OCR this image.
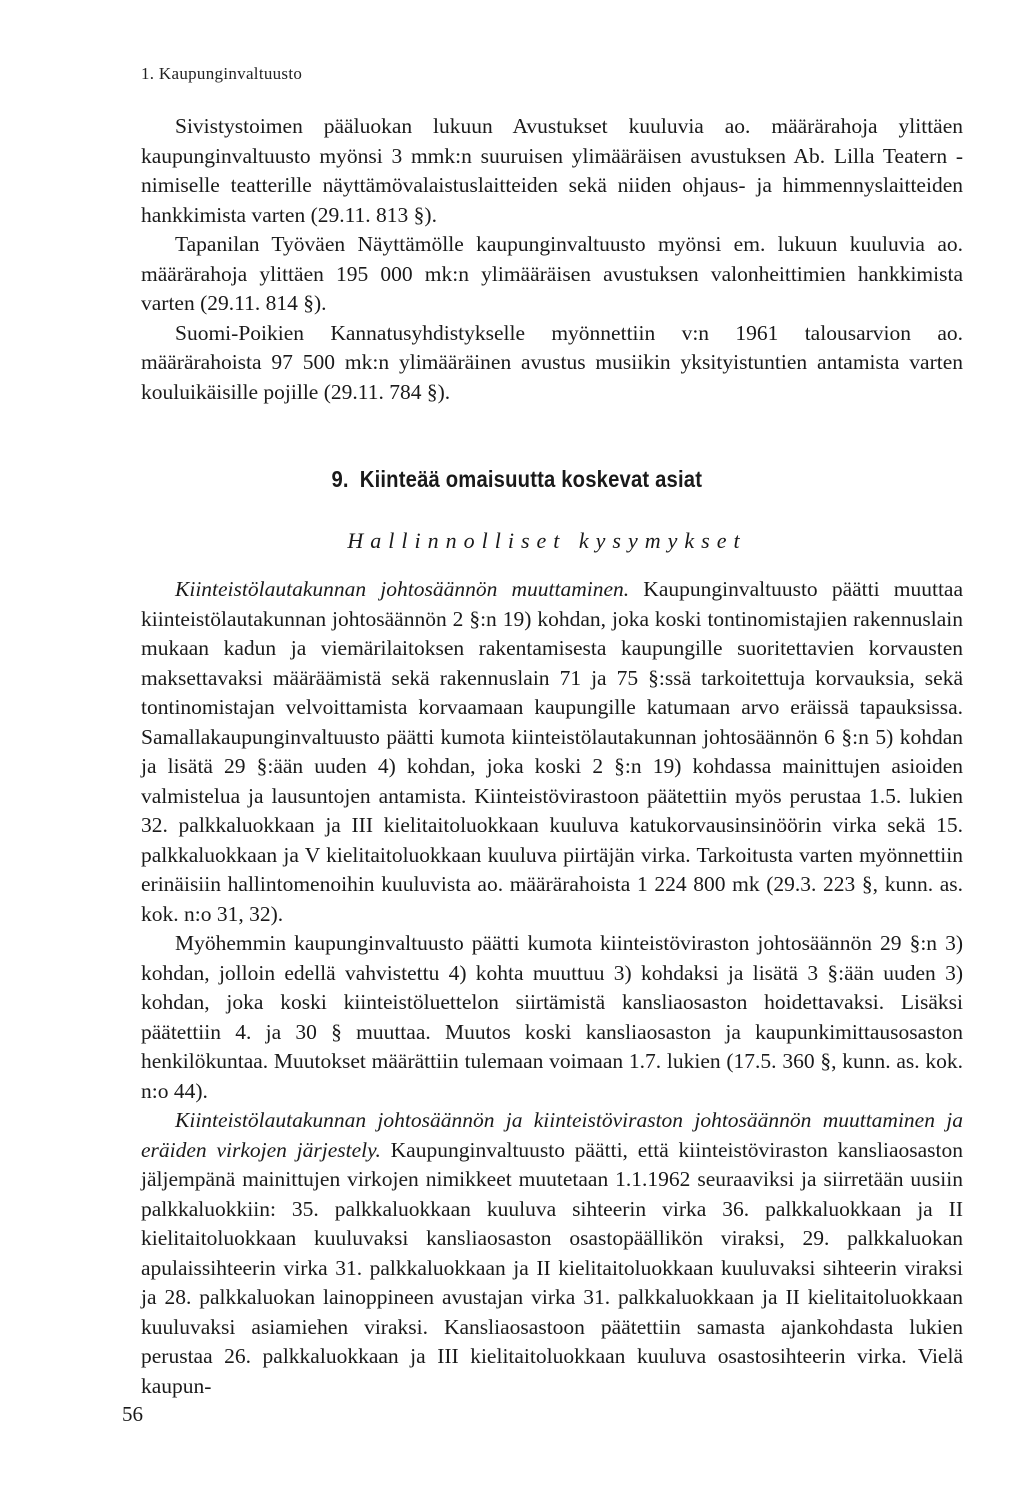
1. Kaupunginvaltuusto

Sivistystoimen pääluokan lukuun Avustukset kuuluvia ao. määrärahoja ylittäen kaupunginvaltuusto myönsi 3 mmk:n suuruisen ylimääräisen avustuksen Ab. Lilla Teatern -nimiselle teatterille näyttämövalaistuslaitteiden sekä niiden ohjaus- ja himmennyslaitteiden hankkimista varten (29.11. 813 §).

Tapanilan Työväen Näyttämölle kaupunginvaltuusto myönsi em. lukuun kuuluvia ao. määrärahoja ylittäen 195 000 mk:n ylimääräisen avustuksen valonheittimien hankkimista varten (29.11. 814 §).

Suomi-Poikien Kannatusyhdistykselle myönnettiin v:n 1961 talousarvion ao. määrärahoista 97 500 mk:n ylimääräinen avustus musiikin yksityistuntien antamista varten kouluikäisille pojille (29.11. 784 §).

9. Kiinteää omaisuutta koskevat asiat
Hallinnolliset kysymykset

Kiinteistölautakunnan johtosäännön muuttaminen. Kaupunginvaltuusto päätti muuttaa kiinteistölautakunnan johtosäännön 2 §:n 19) kohdan, joka koski tontinomistajien rakennuslain mukaan kadun ja viemärilaitoksen rakentamisesta kaupungille suoritettavien korvausten maksettavaksi määräämistä sekä rakennuslain 71 ja 75 §:ssä tarkoitettuja korvauksia, sekä tontinomistajan velvoittamista korvaamaan kaupungille katumaan arvo eräissä tapauksissa. Samallakaupunginvaltuusto päätti kumota kiinteistölautakunnan johtosäännön 6 §:n 5) kohdan ja lisätä 29 §:ään uuden 4) kohdan, joka koski 2 §:n 19) kohdassa mainittujen asioiden valmistelua ja lausuntojen antamista. Kiinteistövirastoon päätettiin myös perustaa 1.5. lukien 32. palkkaluokkaan ja III kielitaitoluokkaan kuuluva katukorvausinsinöörin virka sekä 15. palkkaluokkaan ja V kielitaitoluokkaan kuuluva piirtäjän virka. Tarkoitusta varten myönnettiin erinäisiin hallintomenoihin kuuluvista ao. määrärahoista 1 224 800 mk (29.3. 223 §, kunn. as. kok. n:o 31, 32).

Myöhemmin kaupunginvaltuusto päätti kumota kiinteistöviraston johtosäännön 29 §:n 3) kohdan, jolloin edellä vahvistettu 4) kohta muuttuu 3) kohdaksi ja lisätä 3 §:ään uuden 3) kohdan, joka koski kiinteistöluettelon siirtämistä kansliaosaston hoidettavaksi. Lisäksi päätettiin 4. ja 30 § muuttaa. Muutos koski kansliaosaston ja kaupunkimittausosaston henkilökuntaa. Muutokset määrättiin tulemaan voimaan 1.7. lukien (17.5. 360 §, kunn. as. kok. n:o 44).

Kiinteistölautakunnan johtosäännön ja kiinteistöviraston johtosäännön muuttaminen ja eräiden virkojen järjestely. Kaupunginvaltuusto päätti, että kiinteistöviraston kansliaosaston jäljempänä mainittujen virkojen nimikkeet muutetaan 1.1.1962 seuraaviksi ja siirretään uusiin palkkaluokkiin: 35. palkkaluokkaan kuuluva sihteerin virka 36. palkkaluokkaan ja II kielitaitoluokkaan kuuluvaksi kansliaosaston osastopäällikön viraksi, 29. palkkaluokan apulaissihteerin virka 31. palkkaluokkaan ja II kielitaitoluokkaan kuuluvaksi sihteerin viraksi ja 28. palkkaluokan lainoppineen avustajan virka 31. palkkaluokkaan ja II kielitaitoluokkaan kuuluvaksi asiamiehen viraksi. Kansliaosastoon päätettiin samasta ajankohdasta lukien perustaa 26. palkkaluokkaan ja III kielitaitoluokkaan kuuluva osastosihteerin virka. Vielä kaupun-

56
